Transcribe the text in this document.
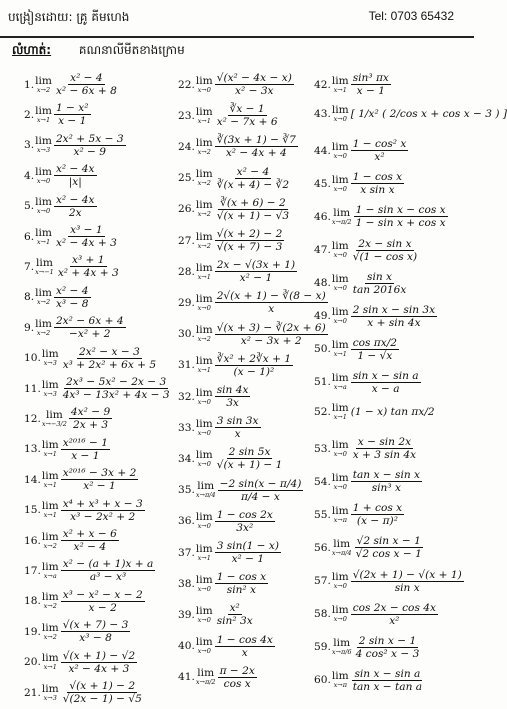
បង្រៀនដោយ: គ្រូ គីមហេង	Tel: 0703 65432
លំហាត់: គណនាលីមីតខាងក្រោម
1. lim
$x\to 2 \frac{\text{x² − 4}}{\text{x² − 6x + 8}}$
2. lim
$x\to 1 \frac{\text{1 − x²}}{x - 1}$
3. lim
$x\to 3 \frac{\text{2x² + 5x − 3}}{\text{x² − 9}}$
4. lim
$x\to 0 \frac{\text{x² − 4x}}{|x|}$
5. lim
$x\to 0 \frac{\text{x² − 4x}}{2x}$
6. lim
$x\to 1 \frac{\text{x³ − 1}}{\text{x² − 4x + 3}}$
7. lim
$x\to-1 \frac{\text{x³ + 1}}{\text{x² + 4x + 3}}$
8. lim
$x\to 2 \frac{\text{x² − 4}}{\text{x³ − 8}}$
9. lim
$x\to 2 \frac{\text{2x² − 6x + 4}}{\text{−x² + 2}}$
10. lim
$x\to 3 \frac{\text{2x² − x − 3}}{\text{x³ + 2x² + 6x + 5}}$
11. lim
$x\to 3 \frac{\text{2x³ − 5x² − 2x − 3}}{\text{4x³ − 13x² + 4x − 3}}$
12. lim
$x\to-3/2 \frac{\text{4x² − 9}}{2x + 3}$
13. lim
$x\to 1 \frac{\text{x²⁰¹⁶ − 1}}{x - 1}$
14. lim
$x\to 1 \frac{\text{x²⁰¹⁶ − 3x + 2}}{\text{x² − 1}}$
15. lim
$x\to 1 \frac{\text{x⁴ + x³ + x − 3}}{\text{x³ − 2x² + 2}}$
16. lim
$x\to 2 \frac{\text{x² + x − 6}}{\text{x² − 4}}$
17. lim
$x\to a \frac{\text{x² − (a + 1)x + a}}{\text{a³ − x³}}$
18. lim
$x\to 2 \frac{\text{x³ − x² − x − 2}}{x - 2}$
19. lim
$x\to 2 \frac{√(x + 7) - 3}{\text{x³ − 8}}$
20. lim
$x\to 1 \frac{√(x + 1) - √2}{\text{x² − 4x + 3}}$
21. lim
$x\to 3 \frac{√(x + 1) - 2}{√(2x - 1) - √5}$
22. lim
$x\to 0 \frac{\text{√(x² − 4x − x)}}{\text{x² − 3x}}$
23. lim
$x\to 1 \frac{∛x - 1}{\text{x² − 7x + 6}}$
24. lim
$x\to 2 \frac{∛(3x + 1) - ∛7}{\text{x² − 4x + 4}}$
25. lim
$x\to 2 \frac{\text{x² − 4}}{∛(x + 4) - ∛2}$
26. lim
$x\to 2 \frac{∛(x + 6) - 2}{√(x + 1) - √3}$
27. lim
$x\to 2 \frac{√(x + 2) - 2}{√(x + 7) - 3}$
28. lim
$x\to 1 \frac{2x - √(3x + 1)}{\text{x² − 1}}$
29. lim
$x\to 0 \frac{2√(x + 1) - ∛(8 - x)}{x}$
30. lim
$x\to 2 \frac{√(x + 3) - ∛(2x + 6)}{\text{x² − 3x + 2}}$
31. lim
$x\to 1 \frac{\text{∛x² + 2∛x + 1}}{\text{(x − 1)²}}$
32. lim
$x\to 0 \frac{\sin 4x}{3x}$
33. lim
$x\to 0 \frac{3 \sin 3x}{x}$
34. lim
$x\to 0 \frac{2 \sin 5x}{√(x + 1) - 1}$
35. lim
$x\to\pi/4 \frac{-2 \sin(x - \pi/4)}{\pi/4 - x}$
36. lim
$x\to 0 \frac{1 - \cos 2x}{\text{3x²}}$
37. lim
$x\to 1 \frac{3 \sin(1 - x)}{\text{x² − 1}}$
38. lim
$x\to 0 \frac{\text{1 − cos x}}{\text{sin² x}}$
39. lim
$x\to 0 \frac{\text{x²}}{\text{sin² 3x}}$
40. lim
$x\to 0 \frac{1 - \cos 4x}{x}$
41. lim
$x\to\pi/2 \frac{\pi - 2x}{\text{cos x}}$
42. lim
$x\to 1 \frac{\text{sin³ πx}}{x - 1}$
43. lim
x→0 [ 1/x² ( 2/cos x + cos x − 3 ) ]
44. lim
$x\to 0 \frac{\text{1 − cos² x}}{\text{x²}}$
45. lim
$x\to 0 \frac{\text{1 − cos x}}{\text{x sin x}}$
46. lim
$x\to\pi/2 \frac{\text{1 − sin x − cos x}}{\text{1 − sin x + cos x}}$
47. lim
$x\to 0 \frac{\text{2x − sin x}}{\text{√(1 − cos x)}}$
48. lim
$x\to 0 \frac{\text{sin x}}{\tan 2016x}$
49. lim
$x\to 0 \frac{\text{2 sin x − sin 3x}}{x + \sin 4x}$
50. lim
$x\to 1 \frac{\text{cos πx/2}}{1 - √x}$
51. lim
$x\to a \frac{\text{sin x − sin a}}{x - a}$
52. lim
x→1 (1 − x) tan πx/2
53. lim
$x\to 0 \frac{x - \sin 2x}{x + 3 \sin 4x}$
54. lim
$x\to 0 \frac{\text{tan x − sin x}}{\text{sin³ x}}$
55. lim
$x\to\pi \frac{\text{1 + cos x}}{\text{(x − π)²}}$
56. lim
$x\to\pi/4 \frac{\text{√2 sin x − 1}}{\text{√2 cos x − 1}}$
57. lim
$x\to 0 \frac{√(2x + 1) - √(x + 1)}{\text{sin x}}$
58. lim
$x\to 0 \frac{\cos 2x - \cos 4x}{\text{x²}}$
59. lim
$x\to\pi/6 \frac{\text{2 sin x − 1}}{\text{4 cos² x − 3}}$
60. lim
$x\to\pi \frac{\text{sin x − sin a}}{\text{tan x − tan a}}$
